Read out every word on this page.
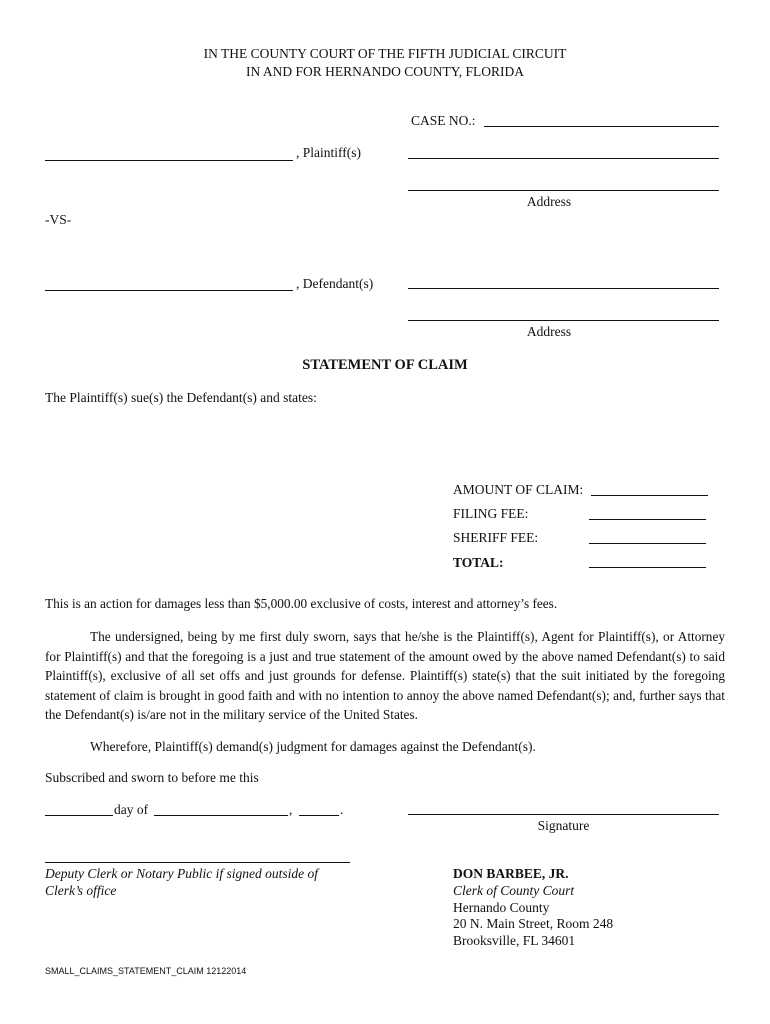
IN THE COUNTY COURT OF THE FIFTH JUDICIAL CIRCUIT
IN AND FOR HERNANDO COUNTY, FLORIDA
CASE NO.:
, Plaintiff(s)
Address
-VS-
, Defendant(s)
Address
STATEMENT OF CLAIM
The Plaintiff(s) sue(s) the Defendant(s) and states:
AMOUNT OF CLAIM:
FILING FEE:
SHERIFF FEE:
TOTAL:
This is an action for damages less than $5,000.00 exclusive of costs, interest and attorney’s fees.
The undersigned, being by me first duly sworn, says that he/she is the Plaintiff(s), Agent for Plaintiff(s), or Attorney for Plaintiff(s) and that the foregoing is a just and true statement of the amount owed by the above named Defendant(s) to said Plaintiff(s), exclusive of all set offs and just grounds for defense. Plaintiff(s) state(s) that the suit initiated by the foregoing statement of claim is brought in good faith and with no intention to annoy the above named Defendant(s); and, further says that the Defendant(s) is/are not in the military service of the United States.
Wherefore, Plaintiff(s) demand(s) judgment for damages against the Defendant(s).
Subscribed and sworn to before me this
day of	,	.
Signature
Deputy Clerk or Notary Public if signed outside of
Clerk’s office
DON BARBEE, JR.
Clerk of County Court
Hernando County
20 N. Main Street, Room 248
Brooksville, FL 34601
SMALL_CLAIMS_STATEMENT_CLAIM 12122014
